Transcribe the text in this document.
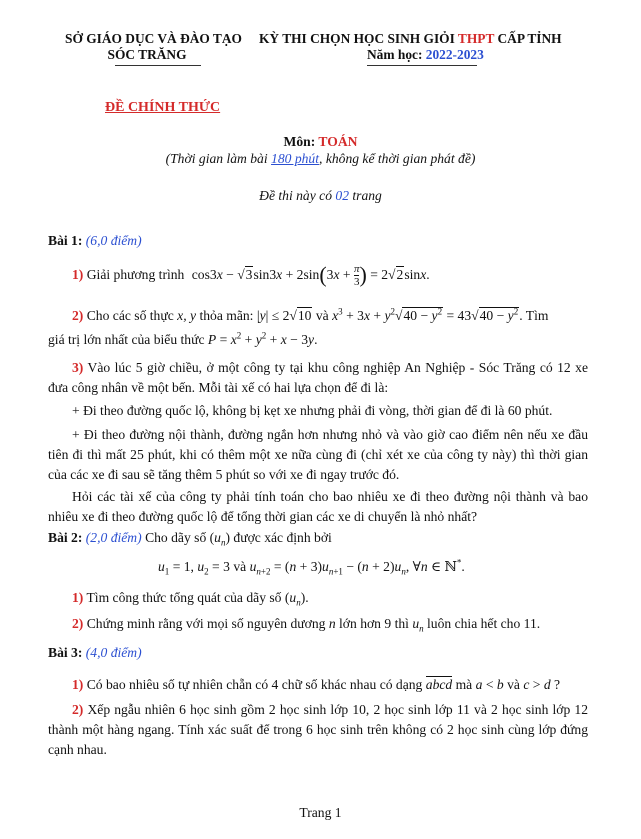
SỞ GIÁO DỤC VÀ ĐÀO TẠO
SÓC TRĂNG
KỲ THI CHỌN HỌC SINH GIỎI THPT CẤP TỈNH
Năm học: 2022-2023
ĐỀ CHÍNH THỨC
Môn: TOÁN
(Thời gian làm bài 180 phút, không kể thời gian phát đề)
Đề thi này có 02 trang
Bài 1: (6,0 điểm)
1) Giải phương trình $\cos 3x - √3\sin 3x + 2\sin(3x + \frac{\pi}{3}$ ) = 2√2sinx.
2) Cho các số thực x, y thỏa mãn: |y| ≤ 2√10 và $x^3 + 3x + y^2√40 - y^2 = 43√40 - y^2$. Tìm
giá trị lớn nhất của biểu thức $P = x^2 + y^2 + x - 3y$.
3) Vào lúc 5 giờ chiều, ở một công ty tại khu công nghiệp An Nghiệp - Sóc Trăng có 12 xe đưa công nhân về một bến. Mỗi tài xế có hai lựa chọn để đi là:
+ Đi theo đường quốc lộ, không bị kẹt xe nhưng phải đi vòng, thời gian để đi là 60 phút.
+ Đi theo đường nội thành, đường ngắn hơn nhưng nhỏ và vào giờ cao điểm nên nếu xe đầu tiên đi thì mất 25 phút, khi có thêm một xe nữa cùng đi (chỉ xét xe của công ty này) thì thời gian của các xe đi sau sẽ tăng thêm 5 phút so với xe đi ngay trước đó.
Hỏi các tài xế của công ty phải tính toán cho bao nhiêu xe đi theo đường nội thành và bao nhiêu xe đi theo đường quốc lộ để tổng thời gian các xe di chuyển là nhỏ nhất?
Bài 2: (2,0 điểm) Cho dãy số $(u_n)$ được xác định bởi
$u_1 = 1$, $u_2 = 3$ và $u_{n+2} = (n + 3)u_{n+1} - (n + 2)u_n$, ∀n ∈ ℕ*.
1) Tìm công thức tổng quát của dãy số $(u_n)$.
2) Chứng minh rằng với mọi số nguyên dương n lớn hơn 9 thì $u_n$ luôn chia hết cho 11.
Bài 3: (4,0 điểm)
1) Có bao nhiêu số tự nhiên chẵn có 4 chữ số khác nhau có dạng abcd mà a < b và c > d ?
2) Xếp ngẫu nhiên 6 học sinh gồm 2 học sinh lớp 10, 2 học sinh lớp 11 và 2 học sinh lớp 12 thành một hàng ngang. Tính xác suất để trong 6 học sinh trên không có 2 học sinh cùng lớp đứng cạnh nhau.
Trang 1
